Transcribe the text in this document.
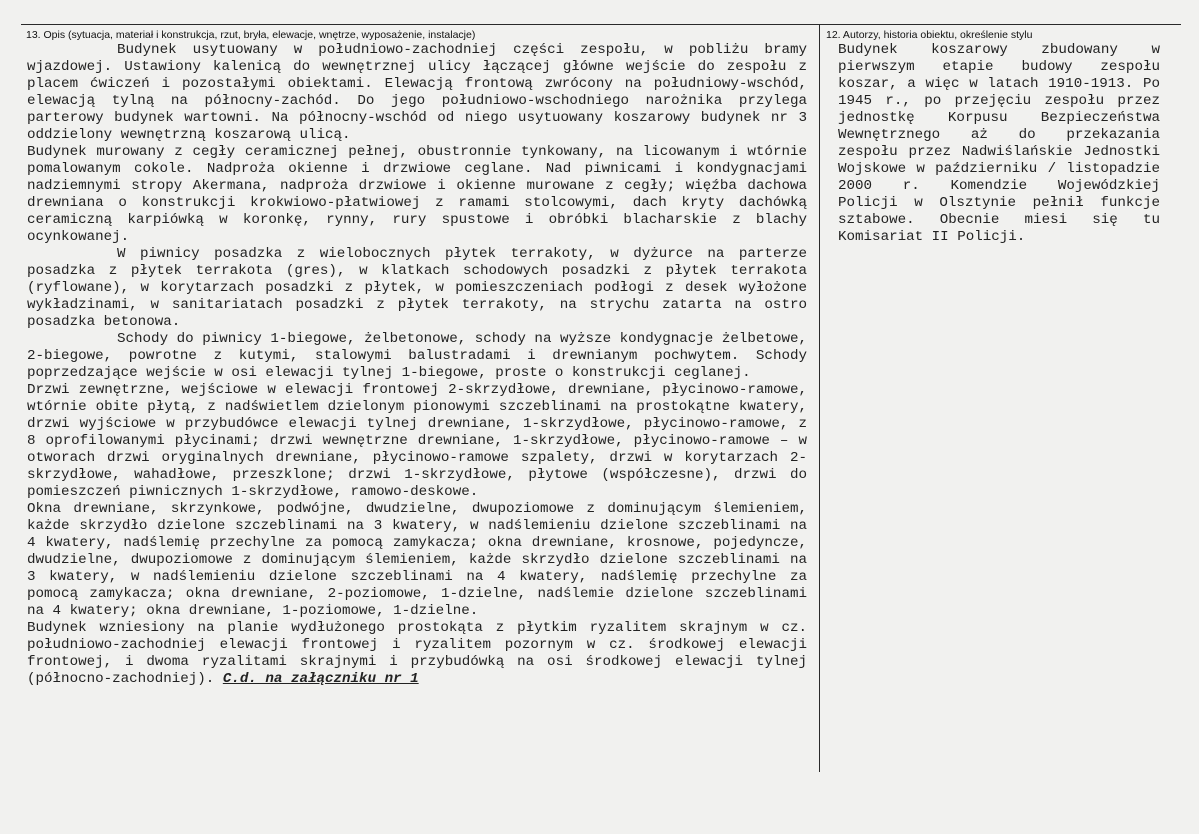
13. Opis (sytuacja, materiał i konstrukcja, rzut, bryła, elewacje, wnętrze, wyposażenie, instalacje)	12. Autorzy, historia obiektu, określenie stylu

Budynek usytuowany w południowo-zachodniej części zespołu, w pobliżu bramy wjazdowej. Ustawiony kalenicą do wewnętrznej ulicy łączącej główne wejście do zespołu z placem ćwiczeń i pozostałymi obiektami. Elewacją frontową zwrócony na południowy-wschód, elewacją tylną na północny-zachód. Do jego południowo-wschodniego narożnika przylega parterowy budynek wartowni. Na północny-wschód od niego usytuowany koszarowy budynek nr 3 oddzielony wewnętrzną koszarową ulicą.

Budynek murowany z cegły ceramicznej pełnej, obustronnie tynkowany, na licowanym i wtórnie pomalowanym cokole. Nadproża okienne i drzwiowe ceglane. Nad piwnicami i kondygnacjami nadziemnymi stropy Akermana, nadproża drzwiowe i okienne murowane z cegły; więźba dachowa drewniana o konstrukcji krokwiowo-płatwiowej z ramami stolcowymi, dach kryty dachówką ceramiczną karpiówką w koronkę, rynny, rury spustowe i obróbki blacharskie z blachy ocynkowanej.

W piwnicy posadzka z wielobocznych płytek terrakoty, w dyżurce na parterze posadzka z płytek terrakota (gres), w klatkach schodowych posadzki z płytek terrakota (ryflowane), w korytarzach posadzki z płytek, w pomieszczeniach podłogi z desek wyłożone wykładzinami, w sanitariatach posadzki z płytek terrakoty, na strychu zatarta na ostro posadzka betonowa.

Schody do piwnicy 1-biegowe, żelbetonowe, schody na wyższe kondygnacje żelbetowe, 2-biegowe, powrotne z kutymi, stalowymi balustradami i drewnianym pochwytem. Schody poprzedzające wejście w osi elewacji tylnej 1-biegowe, proste o konstrukcji ceglanej.

Drzwi zewnętrzne, wejściowe w elewacji frontowej 2-skrzydłowe, drewniane, płycinowo-ramowe, wtórnie obite płytą, z nadświetlem dzielonym pionowymi szczeblinami na prostokątne kwatery, drzwi wyjściowe w przybudówce elewacji tylnej drewniane, 1-skrzydłowe, płycinowo-ramowe, z 8 oprofilowanymi płycinami; drzwi wewnętrzne drewniane, 1-skrzydłowe, płycinowo-ramowe – w otworach drzwi oryginalnych drewniane, płycinowo-ramowe szpalety, drzwi w korytarzach 2-skrzydłowe, wahadłowe, przeszklone; drzwi 1-skrzydłowe, płytowe (współczesne), drzwi do pomieszczeń piwnicznych 1-skrzydłowe, ramowo-deskowe.

Okna drewniane, skrzynkowe, podwójne, dwudzielne, dwupoziomowe z dominującym ślemieniem, każde skrzydło dzielone szczeblinami na 3 kwatery, w nadślemieniu dzielone szczeblinami na 4 kwatery, nadślemię przechylne za pomocą zamykacza; okna drewniane, krosnowe, pojedyncze, dwudzielne, dwupoziomowe z dominującym ślemieniem, każde skrzydło dzielone szczeblinami na 3 kwatery, w nadślemieniu dzielone szczeblinami na 4 kwatery, nadślemię przechylne za pomocą zamykacza; okna drewniane, 2-poziomowe, 1-dzielne, nadślemie dzielone szczeblinami na 4 kwatery; okna drewniane, 1-poziomowe, 1-dzielne.

Budynek wzniesiony na planie wydłużonego prostokąta z płytkim ryzalitem skrajnym w cz. południowo-zachodniej elewacji frontowej i ryzalitem pozornym w cz. środkowej elewacji frontowej, i dwoma ryzalitami skrajnymi i przybudówką na osi środkowej elewacji tylnej (północno-zachodniej). C.d. na załączniku nr 1

Budynek koszarowy zbudowany w pierwszym etapie budowy zespołu koszar, a więc w latach 1910-1913. Po 1945 r., po przejęciu zespołu przez jednostkę Korpusu Bezpieczeństwa Wewnętrznego aż do przekazania zespołu przez Nadwiślańskie Jednostki Wojskowe w październiku / listopadzie 2000 r. Komendzie Wojewódzkiej Policji w Olsztynie pełnił funkcje sztabowe. Obecnie miesi się tu Komisariat II Policji.
